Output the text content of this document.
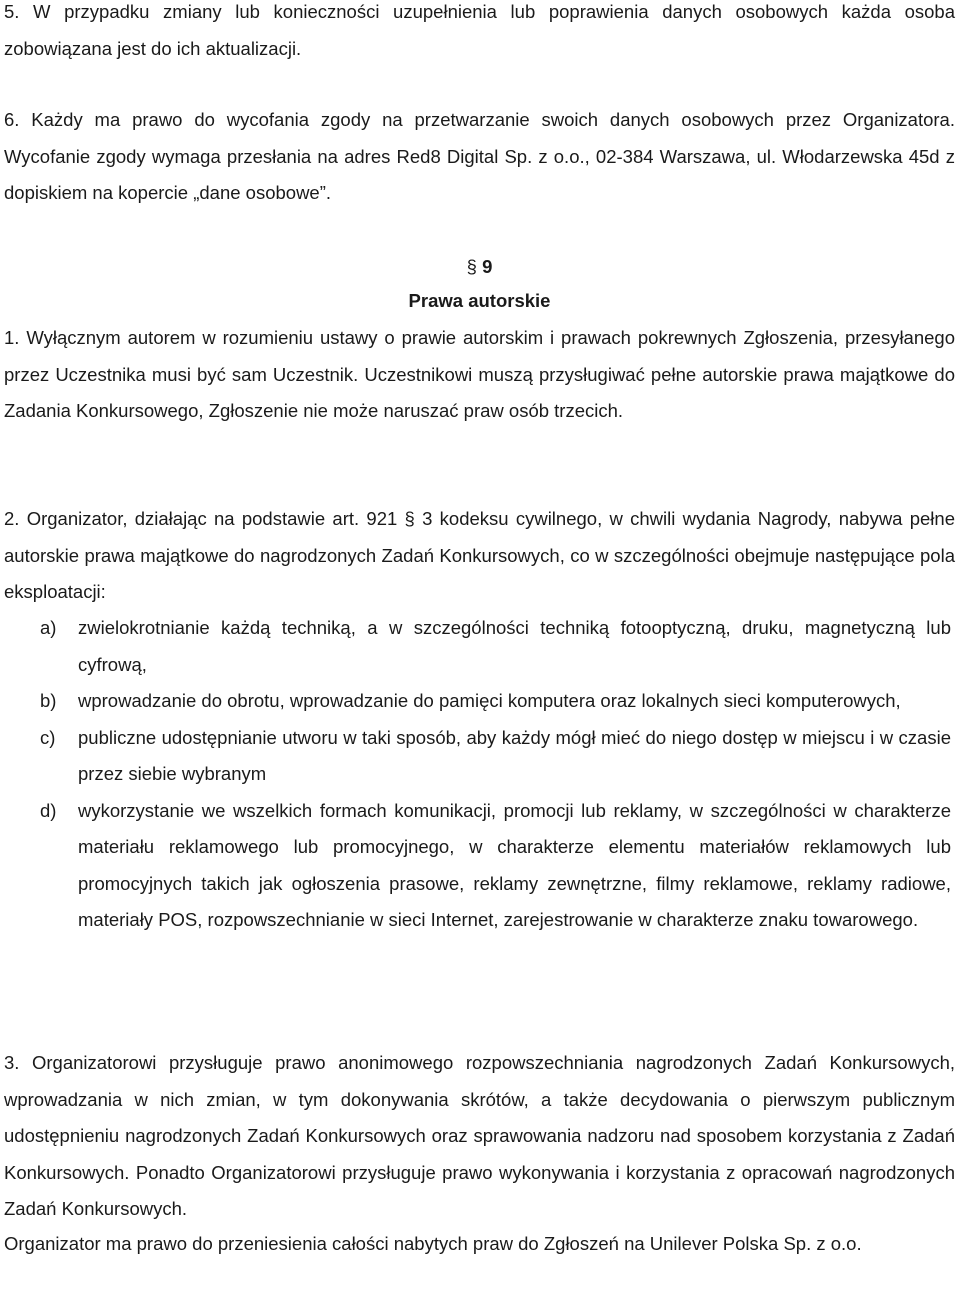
5. W przypadku zmiany lub konieczności uzupełnienia lub poprawienia danych osobowych każda osoba zobowiązana jest do ich aktualizacji.

6. Każdy ma prawo do wycofania zgody na przetwarzanie swoich danych osobowych przez Organizatora. Wycofanie zgody wymaga przesłania na adres Red8 Digital Sp. z o.o., 02-384 Warszawa, ul. Włodarzewska 45d z dopiskiem na kopercie „dane osobowe”.

§ 9
Prawa autorskie

1. Wyłącznym autorem w rozumieniu ustawy o prawie autorskim i prawach pokrewnych Zgłoszenia, przesyłanego przez Uczestnika musi być sam Uczestnik. Uczestnikowi muszą przysługiwać pełne autorskie prawa majątkowe do Zadania Konkursowego, Zgłoszenie nie może naruszać praw osób trzecich.

2. Organizator, działając na podstawie art. 921 § 3 kodeksu cywilnego, w chwili wydania Nagrody, nabywa pełne autorskie prawa majątkowe do nagrodzonych Zadań Konkursowych, co w szczególności obejmuje następujące pola eksploatacji:

a)	zwielokrotnianie każdą techniką, a w szczególności techniką fotooptyczną, druku, magnetyczną lub cyfrową,
b)	wprowadzanie do obrotu, wprowadzanie do pamięci komputera oraz lokalnych sieci komputerowych,
c)	publiczne udostępnianie utworu w taki sposób, aby każdy mógł mieć do niego dostęp w miejscu i w czasie przez siebie wybranym
d)	wykorzystanie we wszelkich formach komunikacji, promocji lub reklamy, w szczególności w charakterze materiału reklamowego lub promocyjnego, w charakterze elementu materiałów reklamowych lub promocyjnych takich jak ogłoszenia prasowe, reklamy zewnętrzne, filmy reklamowe, reklamy radiowe, materiały POS, rozpowszechnianie w sieci Internet, zarejestrowanie w charakterze znaku towarowego.

3. Organizatorowi przysługuje prawo anonimowego rozpowszechniania nagrodzonych Zadań Konkursowych, wprowadzania w nich zmian, w tym dokonywania skrótów, a także decydowania o pierwszym publicznym udostępnieniu nagrodzonych Zadań Konkursowych oraz sprawowania nadzoru nad sposobem korzystania z Zadań Konkursowych. Ponadto Organizatorowi przysługuje prawo wykonywania i korzystania z opracowań nagrodzonych Zadań Konkursowych.

Organizator ma prawo do przeniesienia całości nabytych praw do Zgłoszeń na Unilever Polska Sp. z o.o.
